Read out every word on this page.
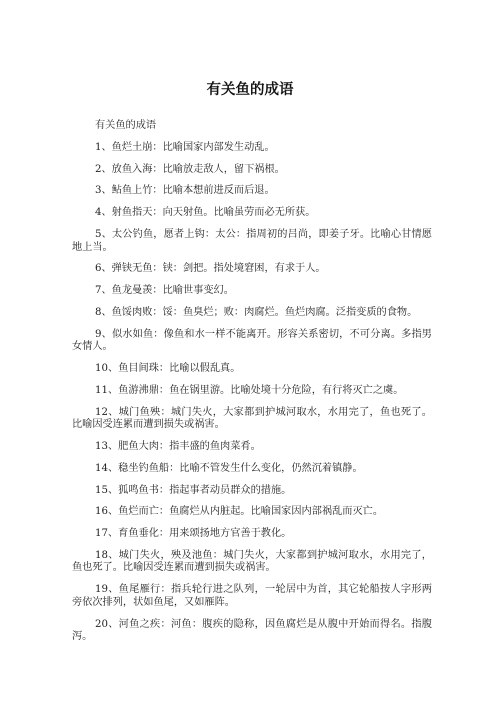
有关鱼的成语

有关鱼的成语

1、鱼烂土崩：比喻国家内部发生动乱。

2、放鱼入海：比喻放走敌人，留下祸根。

3、鲇鱼上竹：比喻本想前进反而后退。

4、射鱼指天：向天射鱼。比喻虽劳而必无所获。

5、太公钓鱼，愿者上钩：太公：指周初的吕尚，即姜子牙。比喻心甘情愿地上当。

6、弹铗无鱼：铗：剑把。指处境窘困，有求于人。

7、鱼龙曼羡：比喻世事变幻。

8、鱼馁肉败：馁：鱼臭烂；败：肉腐烂。鱼烂肉腐。泛指变质的食物。

9、似水如鱼：像鱼和水一样不能离开。形容关系密切，不可分离。多指男女情人。

10、鱼目间珠：比喻以假乱真。

11、鱼游沸鼎：鱼在锅里游。比喻处境十分危险，有行将灭亡之虞。

12、城门鱼殃：城门失火，大家都到护城河取水，水用完了，鱼也死了。比喻因受连累而遭到损失或祸害。

13、肥鱼大肉：指丰盛的鱼肉菜肴。

14、稳坐钓鱼船：比喻不管发生什么变化，仍然沉着镇静。

15、狐鸣鱼书：指起事者动员群众的措施。

16、鱼烂而亡：鱼腐烂从内脏起。比喻国家因内部祸乱而灭亡。

17、育鱼垂化：用来颂扬地方官善于教化。

18、城门失火，殃及池鱼：城门失火，大家都到护城河取水，水用完了，鱼也死了。比喻因受连累而遭到损失或祸害。

19、鱼尾雁行：指兵轮行进之队列，一轮居中为首，其它轮船按人字形两旁依次排列，状如鱼尾，又如雁阵。

20、河鱼之疾：河鱼：腹疾的隐称，因鱼腐烂是从腹中开始而得名。指腹泻。
